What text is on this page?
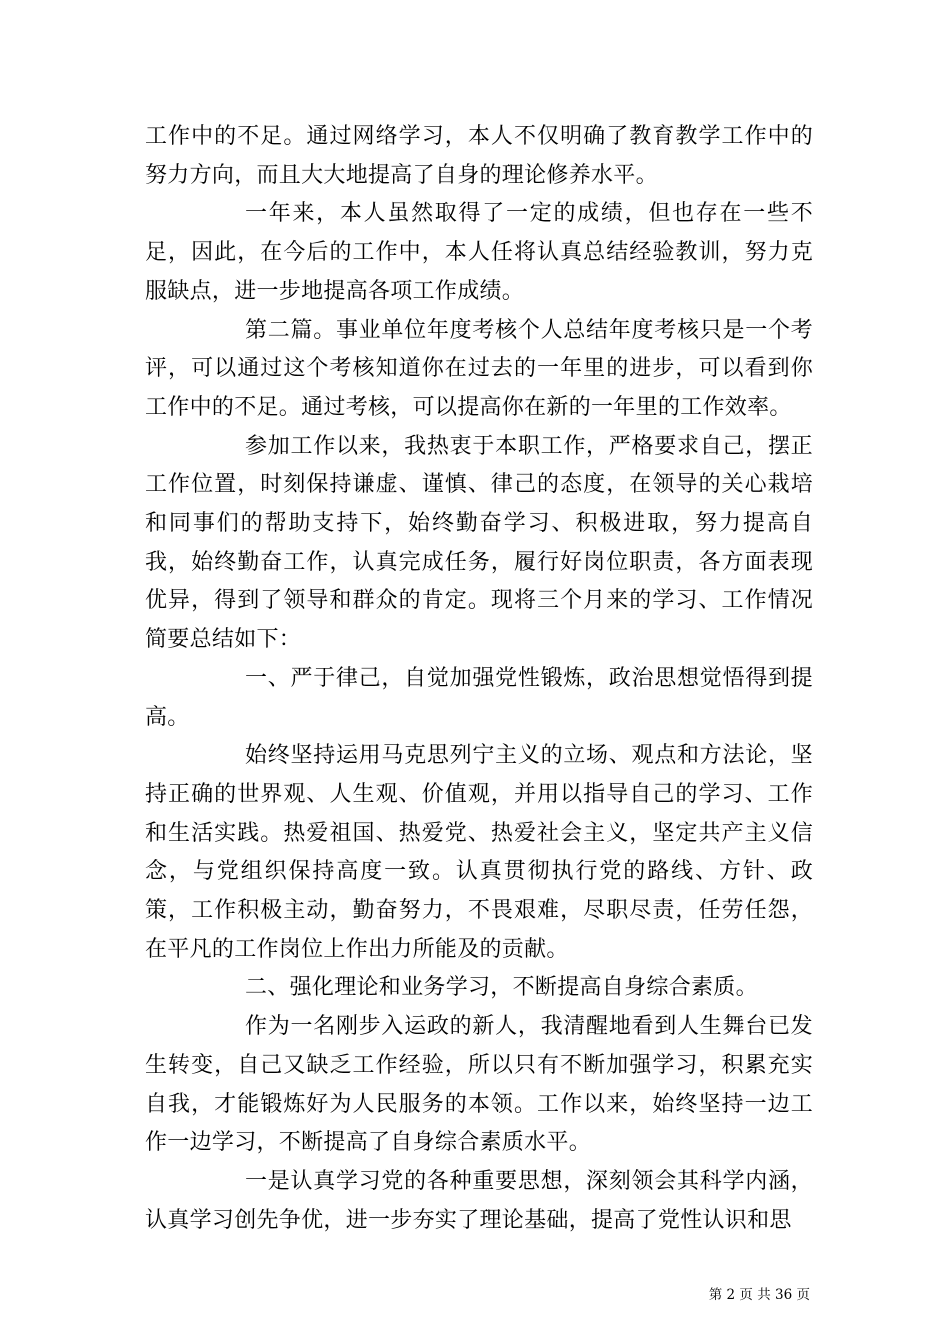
工作中的不足。通过网络学习，本人不仅明确了教育教学工作中的努力方向，而且大大地提高了自身的理论修养水平。

一年来，本人虽然取得了一定的成绩，但也存在一些不足，因此，在今后的工作中，本人任将认真总结经验教训，努力克服缺点，进一步地提高各项工作成绩。

第二篇。事业单位年度考核个人总结年度考核只是一个考评，可以通过这个考核知道你在过去的一年里的进步，可以看到你工作中的不足。通过考核，可以提高你在新的一年里的工作效率。

参加工作以来，我热衷于本职工作，严格要求自己，摆正工作位置，时刻保持谦虚、谨慎、律己的态度，在领导的关心栽培和同事们的帮助支持下，始终勤奋学习、积极进取，努力提高自我，始终勤奋工作，认真完成任务，履行好岗位职责，各方面表现优异，得到了领导和群众的肯定。现将三个月来的学习、工作情况简要总结如下：

一、严于律己，自觉加强党性锻炼，政治思想觉悟得到提高。

始终坚持运用马克思列宁主义的立场、观点和方法论，坚持正确的世界观、人生观、价值观，并用以指导自己的学习、工作和生活实践。热爱祖国、热爱党、热爱社会主义，坚定共产主义信念，与党组织保持高度一致。认真贯彻执行党的路线、方针、政策，工作积极主动，勤奋努力，不畏艰难，尽职尽责，任劳任怨，在平凡的工作岗位上作出力所能及的贡献。

二、强化理论和业务学习，不断提高自身综合素质。

作为一名刚步入运政的新人，我清醒地看到人生舞台已发生转变，自己又缺乏工作经验，所以只有不断加强学习，积累充实自我，才能锻炼好为人民服务的本领。工作以来，始终坚持一边工作一边学习，不断提高了自身综合素质水平。

一是认真学习党的各种重要思想，深刻领会其科学内涵，认真学习创先争优，进一步夯实了理论基础，提高了党性认识和思

第 2 页 共 36 页
